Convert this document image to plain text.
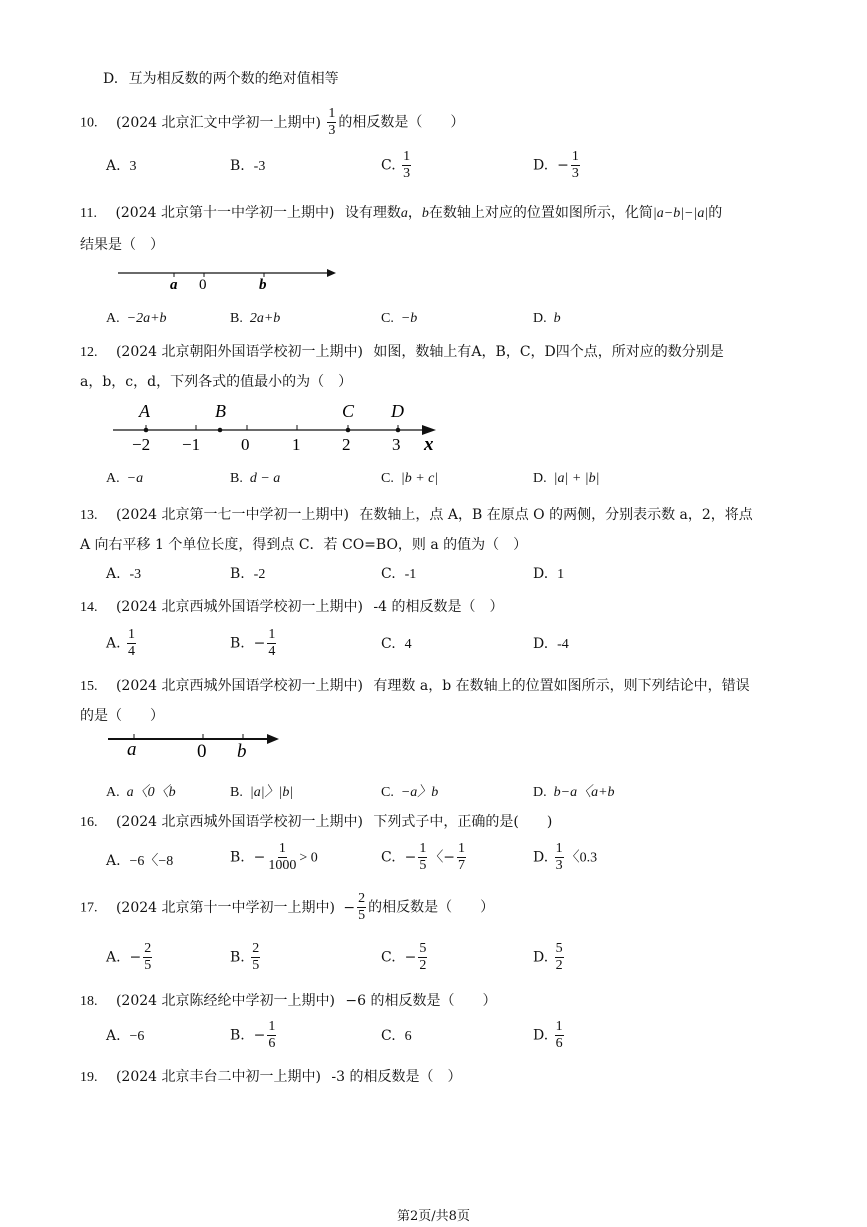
D. 互为相反数的两个数的绝对值相等
10. (2024 北京汇文中学初一上期中) $\frac{1}{3}$ 的相反数是（　　）
A. 3	B. -3	C. $\frac{1}{3}$	D. − $\frac{1}{3}$
11. (2024 北京第十一中学初一上期中) 设有理数a，b在数轴上对应的位置如图所示，化简|a−b|−|a|的
结果是（　）
a 0	b
A. −2a+b	B. 2a+b	C. −b	D. b
12. (2024 北京朝阳外国语学校初一上期中) 如图，数轴上有A，B，C，D四个点，所对应的数分别是
a，b，c，d，下列各式的值最小的为（　）
A	B	C D
−2 −1 0	1 2 3 x
A. −a	B. d − a	C. |b + c|	D. |a| + |b|
13. (2024 北京第一七一中学初一上期中) 在数轴上，点 A，B 在原点 O 的两侧，分别表示数 a，2，将点
A 向右平移 1 个单位长度，得到点 C．若 CO=BO，则 a 的值为（　）
A. -3	B. -2	C. -1	D. 1
14. (2024 北京西城外国语学校初一上期中) -4 的相反数是（　）
A. $\frac{1}{4}$	B. − $\frac{1}{4}$	C. 4	D. -4
15. (2024 北京西城外国语学校初一上期中) 有理数 a，b 在数轴上的位置如图所示，则下列结论中，错误
的是（　　）
a	0 b
A. a〈0〈b	B. |a|〉|b|	C. −a〉b	D. b−a〈a+b
16. (2024 北京西城外国语学校初一上期中) 下列式子中，正确的是(　　)
A. −6〈−8	B. − $\frac{1}{1000} > 0$	C. − $\frac{1}{5}$ 〈− $\frac{1}{7}$	D. $\frac{1}{3}$ 〈0.3
17. (2024 北京第十一中学初一上期中) − $\frac{2}{5}$ 的相反数是（　　）
A. − $\frac{2}{5}$	B. $\frac{2}{5}$	C. − $\frac{5}{2}$	D. $\frac{5}{2}$
18. (2024 北京陈经纶中学初一上期中) −6 的相反数是（　　）
A. −6	B. − $\frac{1}{6}$	C. 6	D. $\frac{1}{6}$
19. (2024 北京丰台二中初一上期中) -3 的相反数是（　）
第2页/共8页
